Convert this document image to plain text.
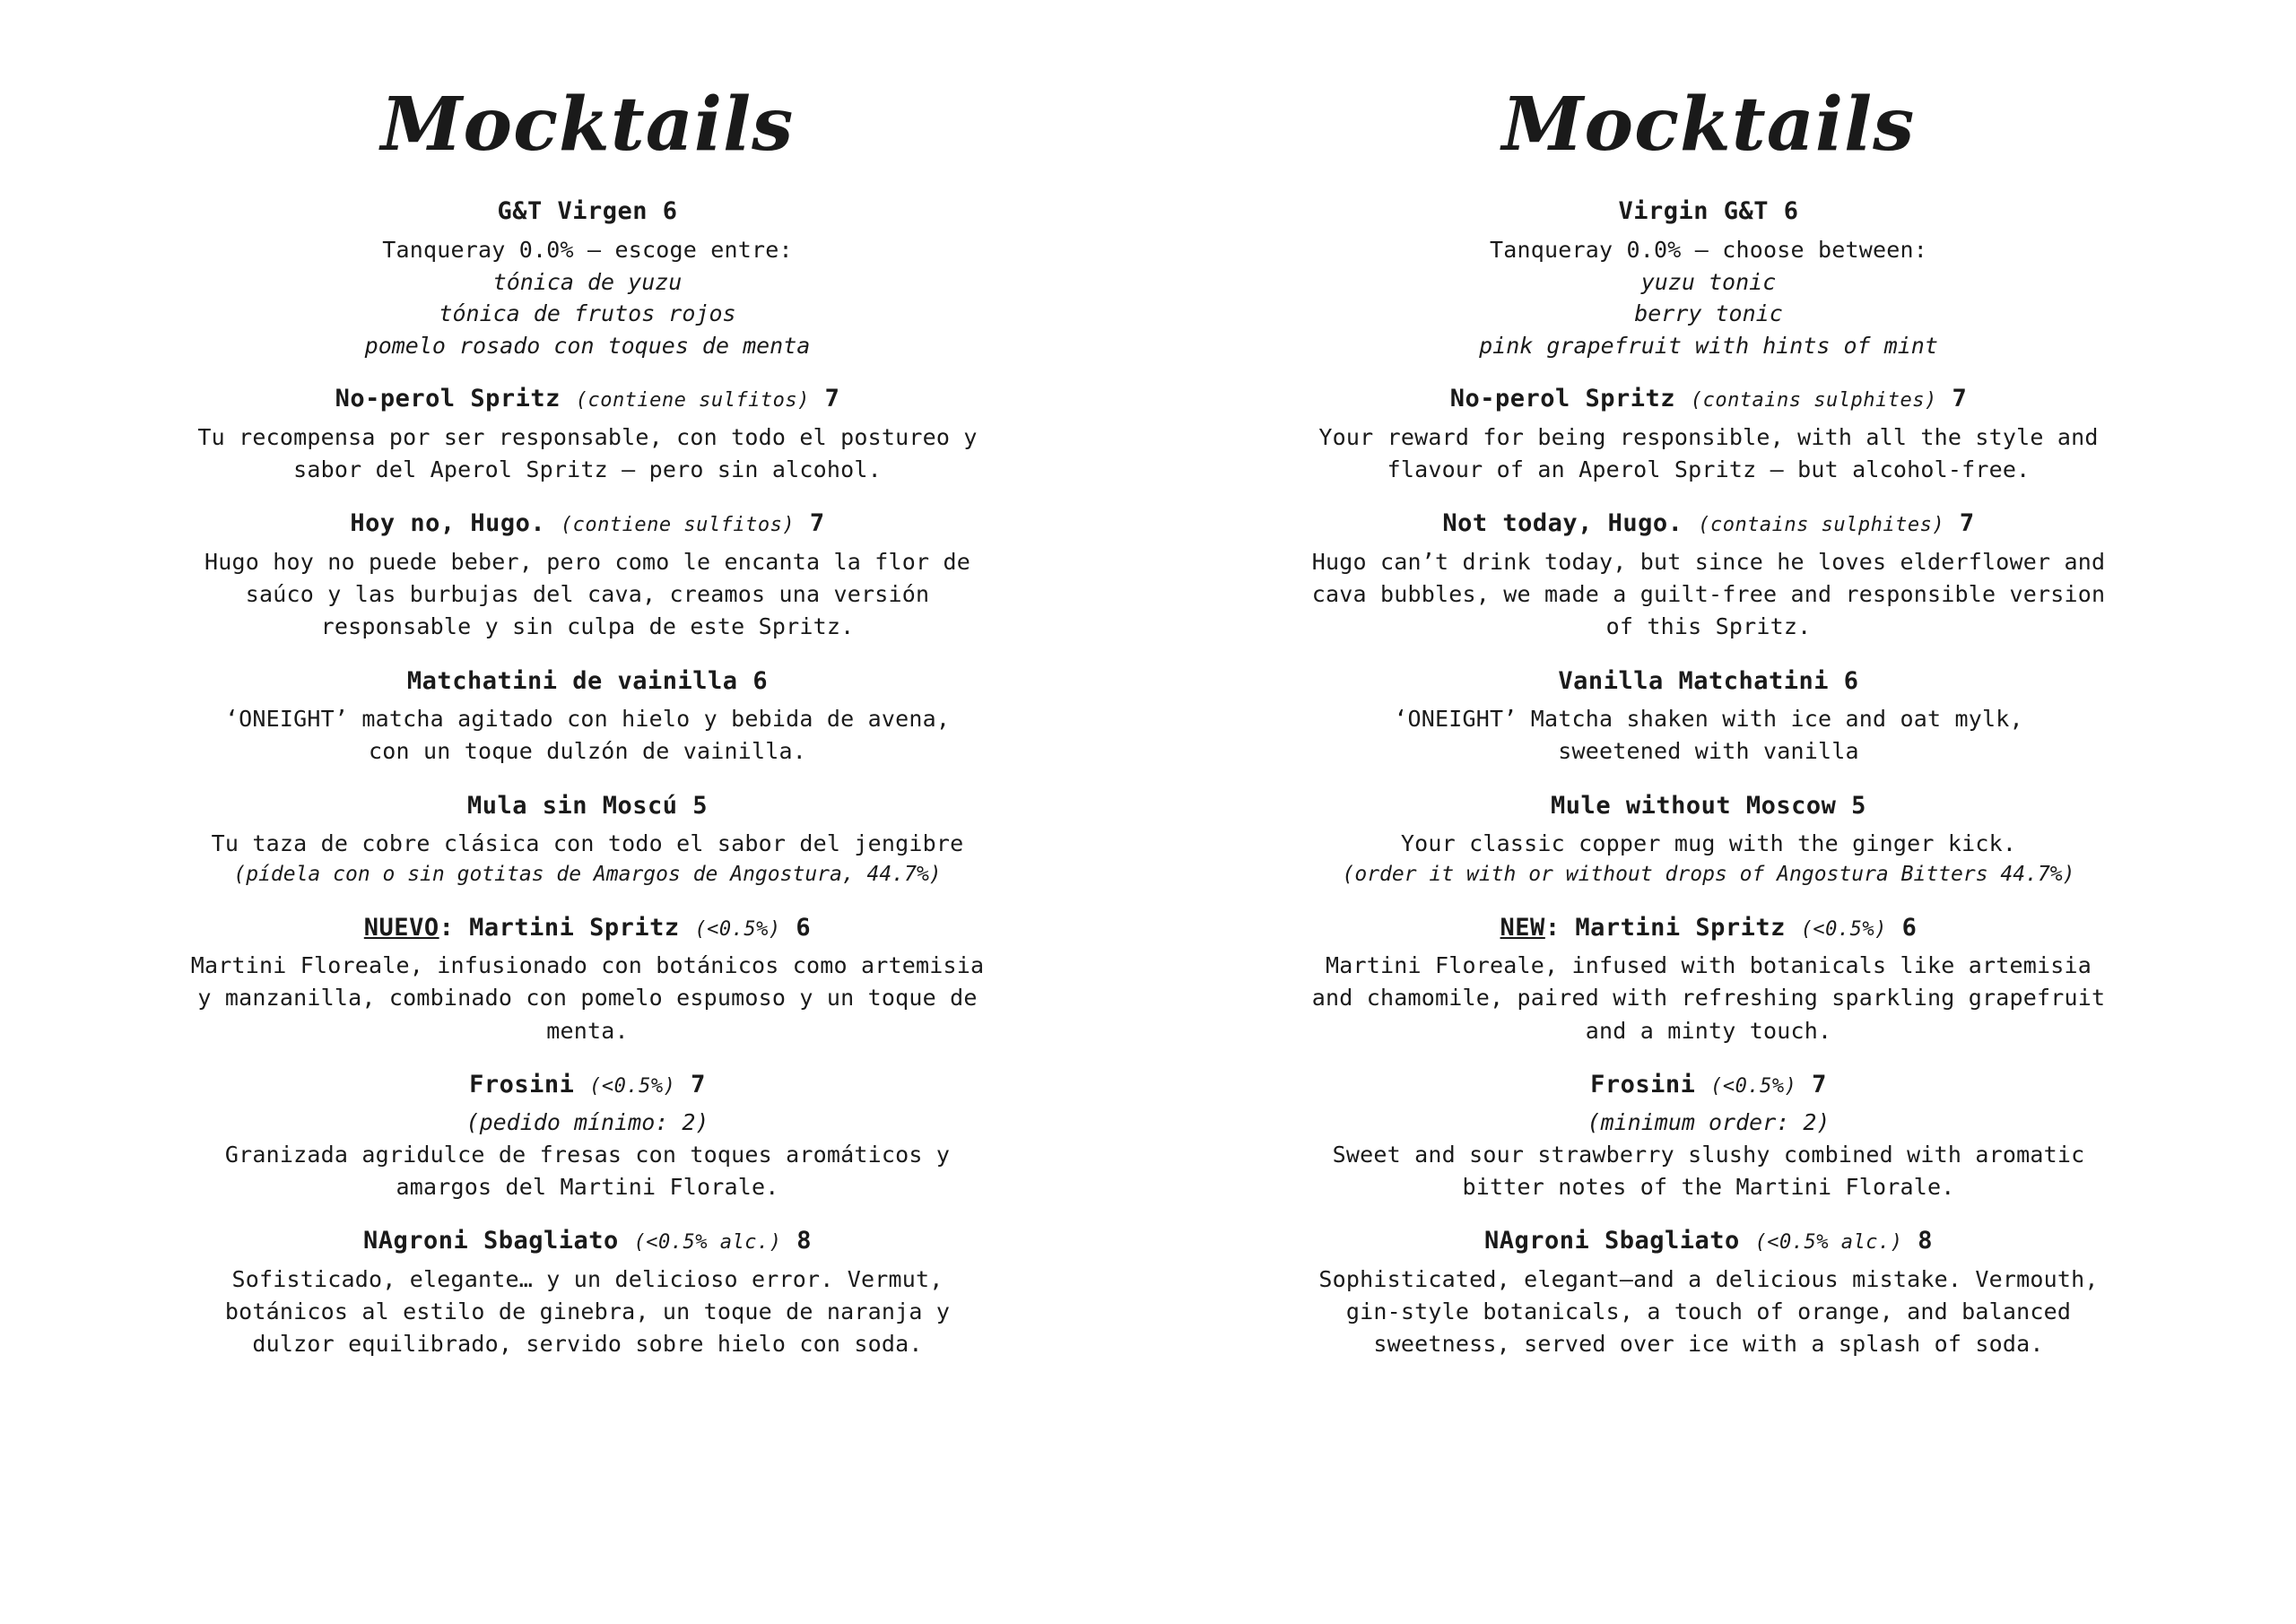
Mocktails
G&T Virgen 6

Tanqueray 0.0% – escoge entre:

tónica de yuzu

tónica de frutos rojos

pomelo rosado con toques de menta

No-perol Spritz (contiene sulfitos) 7

Tu recompensa por ser responsable, con todo el postureo y

sabor del Aperol Spritz – pero sin alcohol.

Hoy no, Hugo. (contiene sulfitos) 7

Hugo hoy no puede beber, pero como le encanta la flor de

saúco y las burbujas del cava, creamos una versión

responsable y sin culpa de este Spritz.

Matchatini de vainilla 6

‘ONEIGHT’ matcha agitado con hielo y bebida de avena,

con un toque dulzón de vainilla.

Mula sin Moscú 5

Tu taza de cobre clásica con todo el sabor del jengibre

(pídela con o sin gotitas de Amargos de Angostura, 44.7%)

NUEVO: Martini Spritz (<0.5%) 6

Martini Floreale, infusionado con botánicos como artemisia

y manzanilla, combinado con pomelo espumoso y un toque de

menta.

Frosini (<0.5%) 7

(pedido mínimo: 2)

Granizada agridulce de fresas con toques aromáticos y

amargos del Martini Florale.

NAgroni Sbagliato (<0.5% alc.) 8

Sofisticado, elegante… y un delicioso error. Vermut,

botánicos al estilo de ginebra, un toque de naranja y

dulzor equilibrado, servido sobre hielo con soda.

Mocktails
Virgin G&T 6

Tanqueray 0.0% – choose between:

yuzu tonic

berry tonic

pink grapefruit with hints of mint

No-perol Spritz (contains sulphites) 7

Your reward for being responsible, with all the style and

flavour of an Aperol Spritz – but alcohol-free.

Not today, Hugo. (contains sulphites) 7

Hugo can’t drink today, but since he loves elderflower and

cava bubbles, we made a guilt-free and responsible version

of this Spritz.

Vanilla Matchatini 6

‘ONEIGHT’ Matcha shaken with ice and oat mylk,

sweetened with vanilla

Mule without Moscow 5

Your classic copper mug with the ginger kick.

(order it with or without drops of Angostura Bitters 44.7%)

NEW: Martini Spritz (<0.5%) 6

Martini Floreale, infused with botanicals like artemisia

and chamomile, paired with refreshing sparkling grapefruit

and a minty touch.

Frosini (<0.5%) 7

(minimum order: 2)

Sweet and sour strawberry slushy combined with aromatic

bitter notes of the Martini Florale.

NAgroni Sbagliato (<0.5% alc.) 8

Sophisticated, elegant—and a delicious mistake. Vermouth,

gin-style botanicals, a touch of orange, and balanced

sweetness, served over ice with a splash of soda.
